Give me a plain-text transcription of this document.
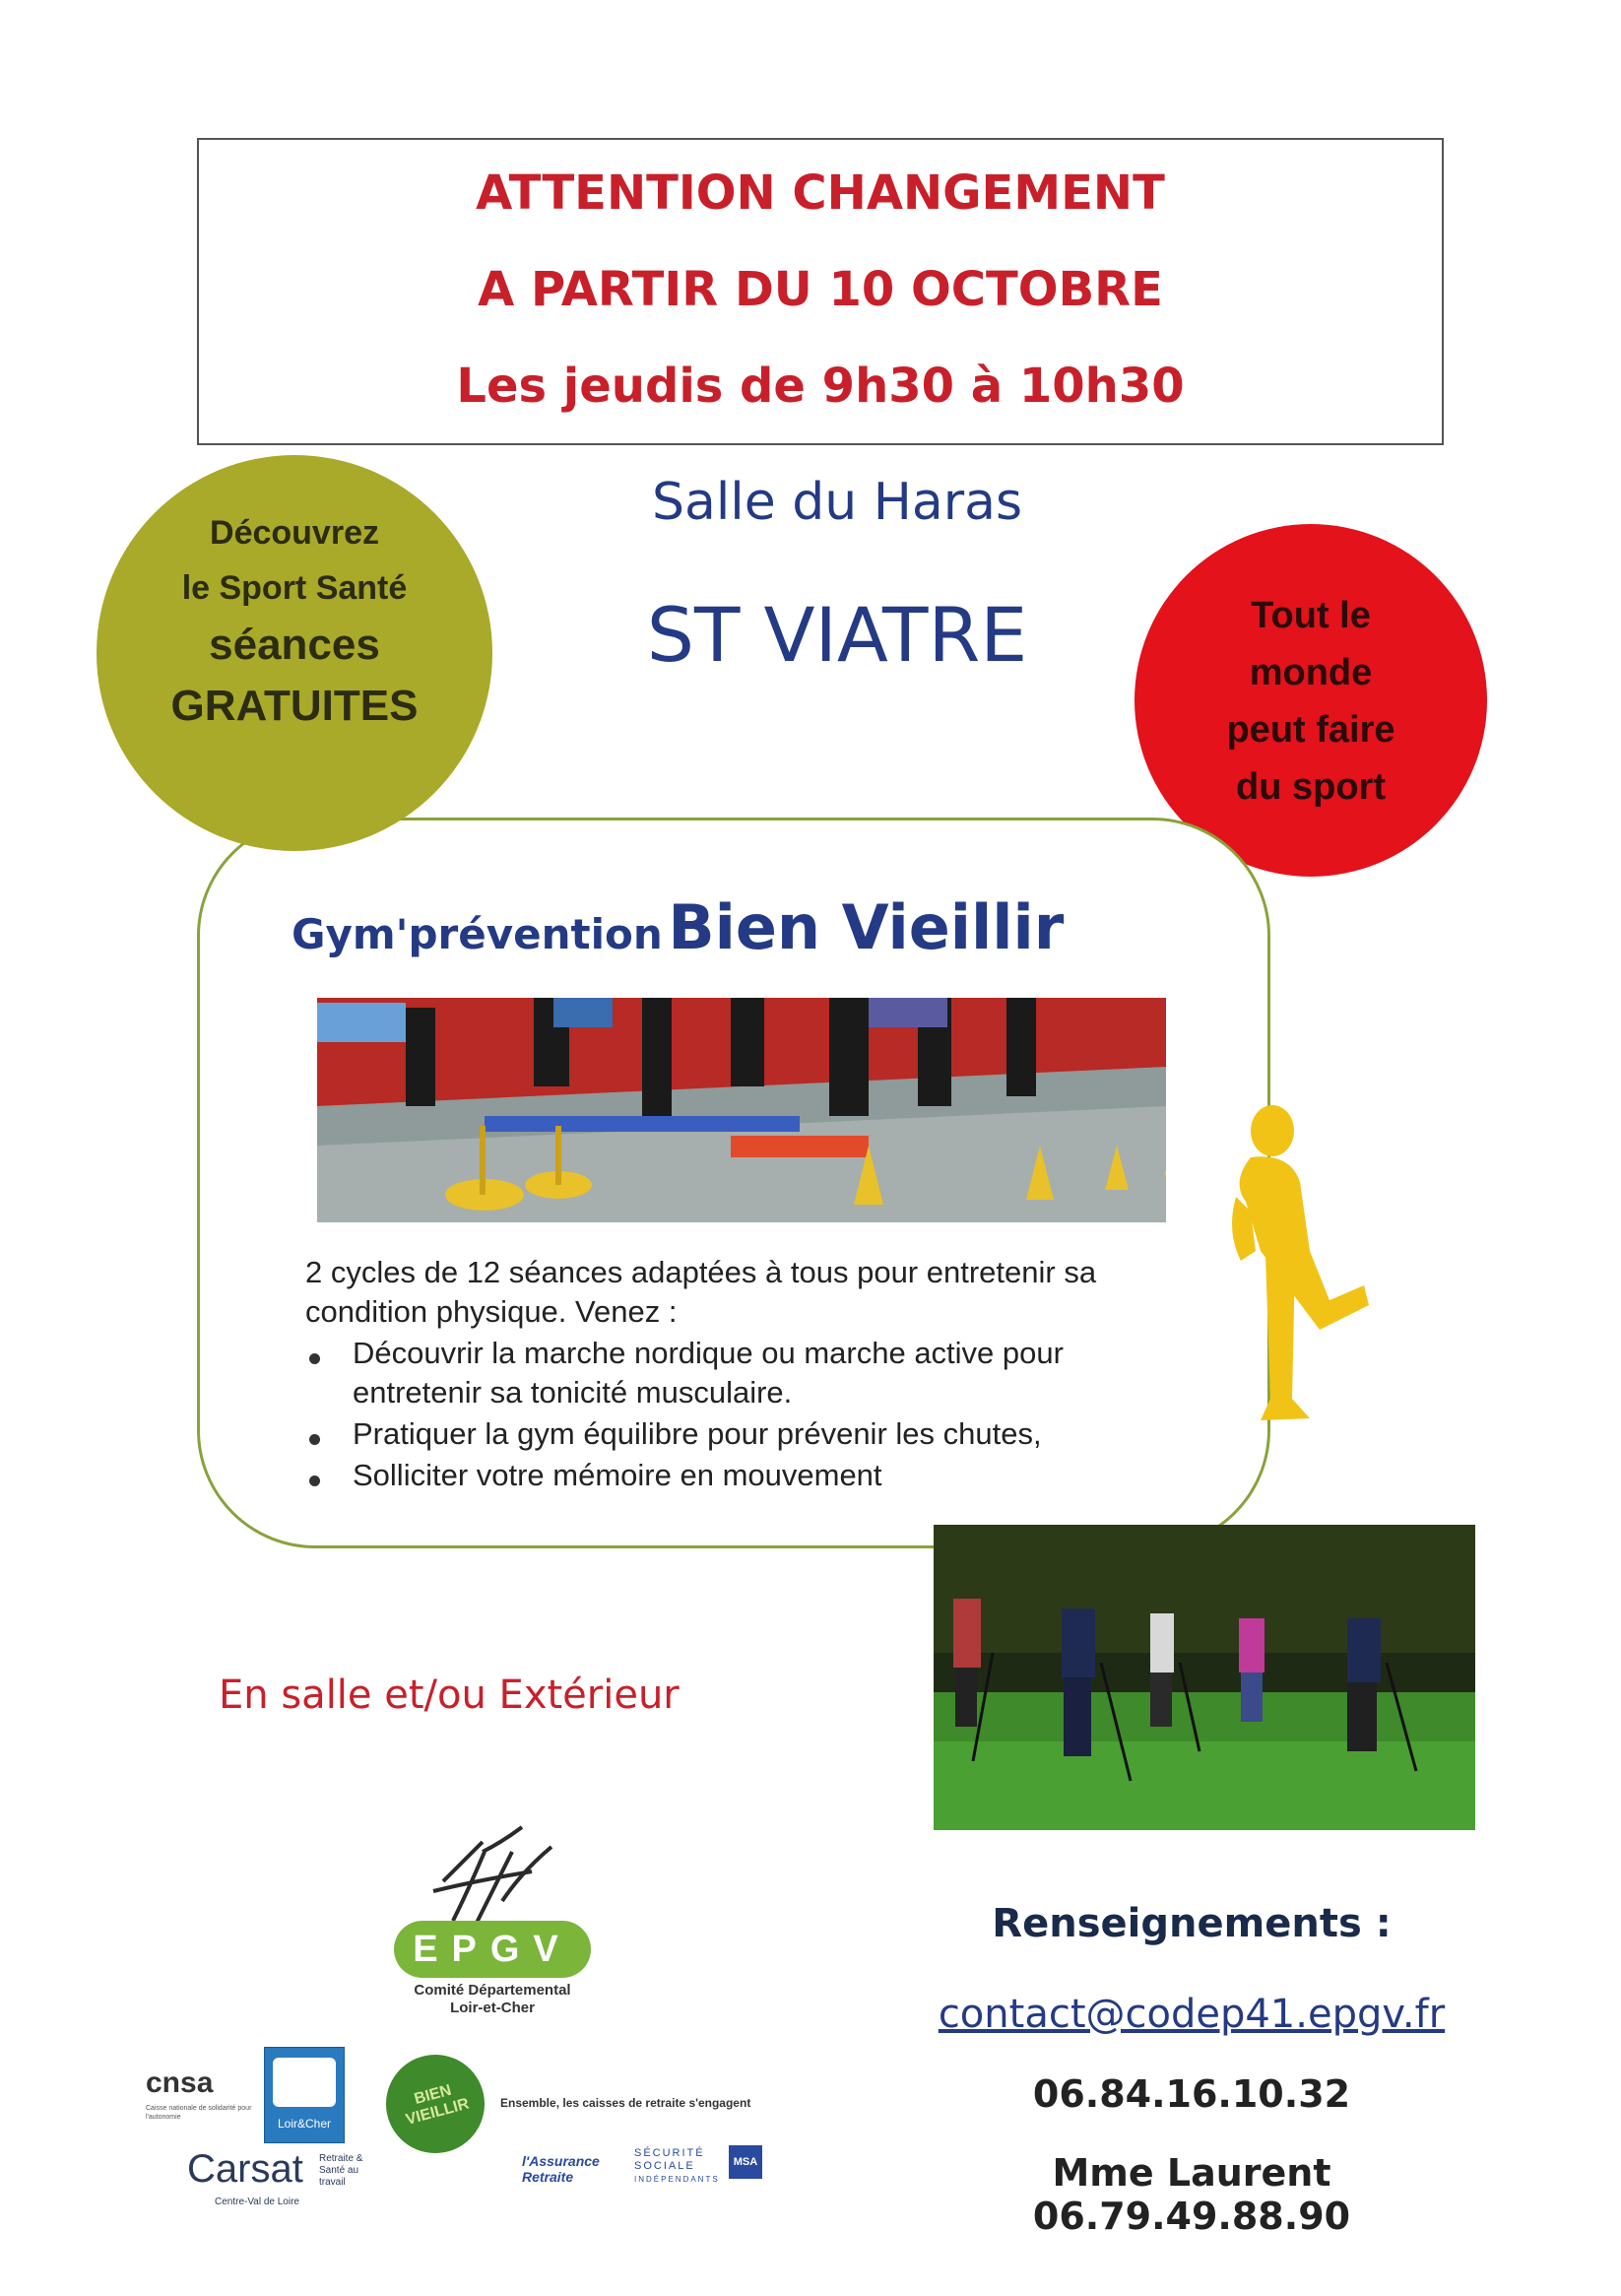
ATTENTION CHANGEMENT
A PARTIR DU 10 OCTOBRE
Les jeudis de 9h30 à 10h30
Salle du Haras
ST VIATRE	Tout le
monde
peut faire
du sport
Découvrez
le Sport Santé
séances
GRATUITES
Gym'prévention Bien Vieillir
2 cycles de 12 séances adaptées à tous pour entretenir sa
condition physique. Venez :
Découvrir la marche nordique ou marche active pour
entretenir sa tonicité musculaire.
Pratiquer la gym équilibre pour prévenir les chutes,
Solliciter votre mémoire en mouvement
En salle et/ou Extérieur
EPGV
Comité Départemental
Loir-et-Cher
cnsa
Caisse nationale de solidarité pour l'autonomie	Loir&Cher
Carsat Retraite & Santé au travail
Centre-Val de Loire
BIEN VIEILLIR	Ensemble, les caisses de retraite s'engagent
l'Assurance Retraite
SÉCURITÉ
SOCIALE
INDÉPENDANTS
MSA
Renseignements :
contact@codep41.epgv.fr
06.84.16.10.32
Mme Laurent 06.79.49.88.90
